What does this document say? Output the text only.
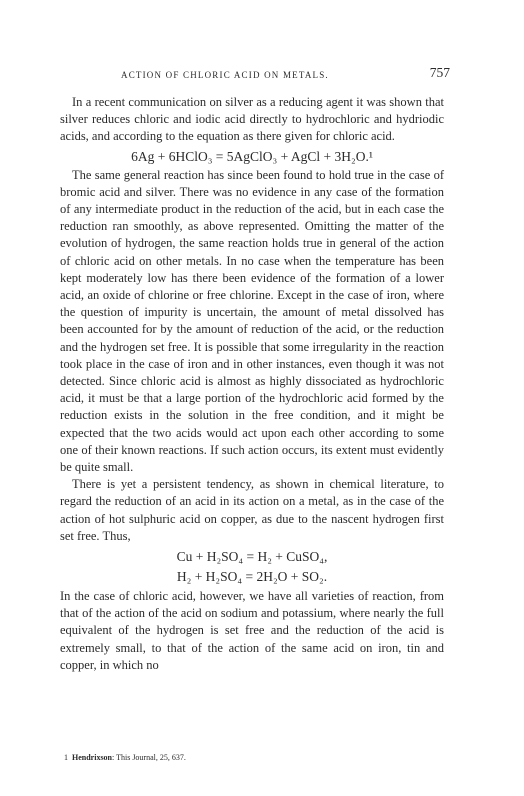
ACTION OF CHLORIC ACID ON METALS.	757

In a recent communication on silver as a reducing agent it was shown that silver reduces chloric and iodic acid directly to hydrochloric and hydriodic acids, and according to the equation as there given for chloric acid.

6Ag + 6HClO₃ = 5AgClO₃ + AgCl + 3H₂O.¹

The same general reaction has since been found to hold true in the case of bromic acid and silver. There was no evidence in any case of the formation of any intermediate product in the reduction of the acid, but in each case the reduction ran smoothly, as above represented. Omitting the matter of the evolution of hydrogen, the same reaction holds true in general of the action of chloric acid on other metals. In no case when the temperature has been kept moderately low has there been evidence of the formation of a lower acid, an oxide of chlorine or free chlorine. Except in the case of iron, where the question of impurity is uncertain, the amount of metal dissolved has been accounted for by the amount of reduction of the acid, or the reduction and the hydrogen set free. It is possible that some irregularity in the reaction took place in the case of iron and in other instances, even though it was not detected. Since chloric acid is almost as highly dissociated as hydrochloric acid, it must be that a large portion of the hydrochloric acid formed by the reduction exists in the solution in the free condition, and it might be expected that the two acids would act upon each other according to some one of their known reactions. If such action occurs, its extent must evidently be quite small.

There is yet a persistent tendency, as shown in chemical literature, to regard the reduction of an acid in its action on a metal, as in the case of the action of hot sulphuric acid on copper, as due to the nascent hydrogen first set free. Thus,

Cu + H₂SO₄ = H₂ + CuSO₄,
H₂ + H₂SO₄ = 2H₂O + SO₂.

In the case of chloric acid, however, we have all varieties of reaction, from that of the action of the acid on sodium and potassium, where nearly the full equivalent of the hydrogen is set free and the reduction of the acid is extremely small, to that of the action of the same acid on iron, tin and copper, in which no

1 Hendrixson: This Journal, 25, 637.
